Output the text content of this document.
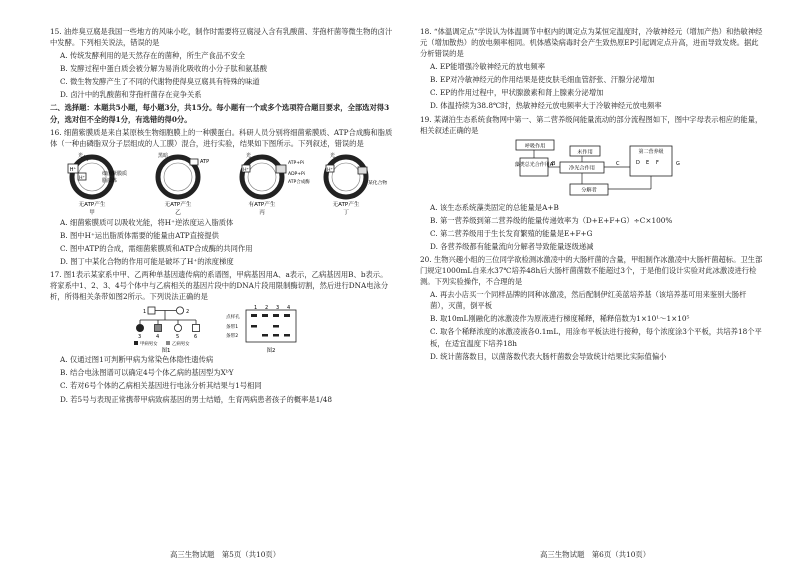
15. 油炸臭豆腐是我国一些地方的风味小吃，制作时需要将豆腐浸入含有乳酸菌、芽孢杆菌等微生物的卤汁中发酵。下列相关说法，错误的是

A. 传统发酵利用的是天然存在的菌种，所生产食品不安全

B. 发酵过程中蛋白质会被分解为易消化吸收的小分子肽和氨基酸

C. 微生物发酵产生了不同的代谢物使得臭豆腐具有特殊的味道

D. 卤汁中的乳酸菌和芽孢杆菌存在竞争关系

二、选择题：本题共5小题，每小题3分，共15分。每小题有一个或多个选项符合题目要求，全部选对得3分，选对但不全的得1分，有选错的得0分。

16. 细菌紫膜质是来自某原核生物细胞膜上的一种膜蛋白。科研人员分别将细菌紫膜质、ATP合成酶和脂质体（一种由磷脂双分子层组成的人工膜）混合，进行实验，结果如下图所示。下列叙述，错误的是

H⁺
H⁺
细菌紫膜质
脂质体
光
无ATP产生
甲
ATP
黑暗
无ATP产生
乙
H⁺
ATP+Pi
ADP+Pi
ATP合成酶
光
有ATP产生
丙
H⁺
某化合物
光
无ATP产生
丁

A. 细菌紫膜质可以吸收光能，将H⁺逆浓度运入脂质体

B. 图中H⁺运出脂质体需要的能量由ATP直接提供

C. 图中ATP的合成，需细菌紫膜质和ATP合成酶的共同作用

D. 图丁中某化合物的作用可能是破坏了H⁺的浓度梯度

17. 图1表示某家系中甲、乙两种单基因遗传病的系谱图，甲病基因用A、a表示，乙病基因用B、b表示。将家系中1、2、3、4号个体中与乙病相关的基因片段中的DNA片段用限制酶切割，然后进行DNA电泳分析，所得相关条带如图2所示。下列说法正确的是

1	2
3	4	5	6
甲病男女	乙病男女
图1
1 2 3 4
点样孔
条带1
条带2
图2

A. 仅通过图1可判断甲病为常染色体隐性遗传病

B. 结合电泳图谱可以确定4号个体乙病的基因型为XᵇY

C. 若对6号个体的乙病相关基因进行电泳分析其结果与1号相同

D. 若5号与表现正常携带甲病致病基因的男士结婚，生育两病患者孩子的概率是1/48

高三生物试题　第5页（共10页）

18. “体温调定点”学说认为体温调节中枢内的调定点为某恒定温度时，冷敏神经元（增加产热）和热敏神经元（增加散热）的放电频率相同。机体感染病毒时会产生致热原EP引起调定点升高，进而导致发烧。据此分析错误的是

A. EP能增强冷敏神经元的放电频率

B. EP对冷敏神经元的作用结果是使皮肤毛细血管舒张、汗腺分泌增加

C. EP的作用过程中，甲状腺激素和肾上腺素分泌增加

D. 体温持续为38.8℃时，热敏神经元放电频率大于冷敏神经元放电频率

19. 某湖泊生态系统食物网中第一、第二营养级间能量流动的部分流程图如下，图中字母表示相应的能量，相关叙述正确的是

呼吸作用
未作用
藻类总光合作用A
净光合作用
第二营养级
分解者
B	C	D E F	G

A. 该生态系统藻类固定的总能量是A+B

B. 第一营养级到第二营养级的能量传递效率为（D+E+F+G）÷C×100%

C. 第二营养级用于生长发育繁殖的能量是E+F+G

D. 各营养级都有能量流向分解者导致能量逐级递减

20. 生物兴趣小组的三位同学欲检测冰激凌中的大肠杆菌的含量，甲组制作冰激凌中大肠杆菌超标。卫生部门规定1000mL自来水37℃培养48h后大肠杆菌菌数不能超过3个，于是他们设计实验对此冰激凌进行检测。下列实验操作，不合理的是

A. 再去小店买一个同样品牌的同种冰激凌，然后配制伊红美蓝培养基（该培养基可用来鉴别大肠杆菌），灭菌，倒平板

B. 取10mL刚融化的冰激凌作为原液进行梯度稀释，稀释倍数为1×10¹～1×10⁵

C. 取各个稀释浓度的冰激凌液各0.1mL，用涂布平板法进行接种，每个浓度涂3个平板，共培养18个平板，在适宜温度下培养18h

D. 统计菌落数目，以菌落数代表大肠杆菌数会导致统计结果比实际值偏小

高三生物试题　第6页（共10页）
